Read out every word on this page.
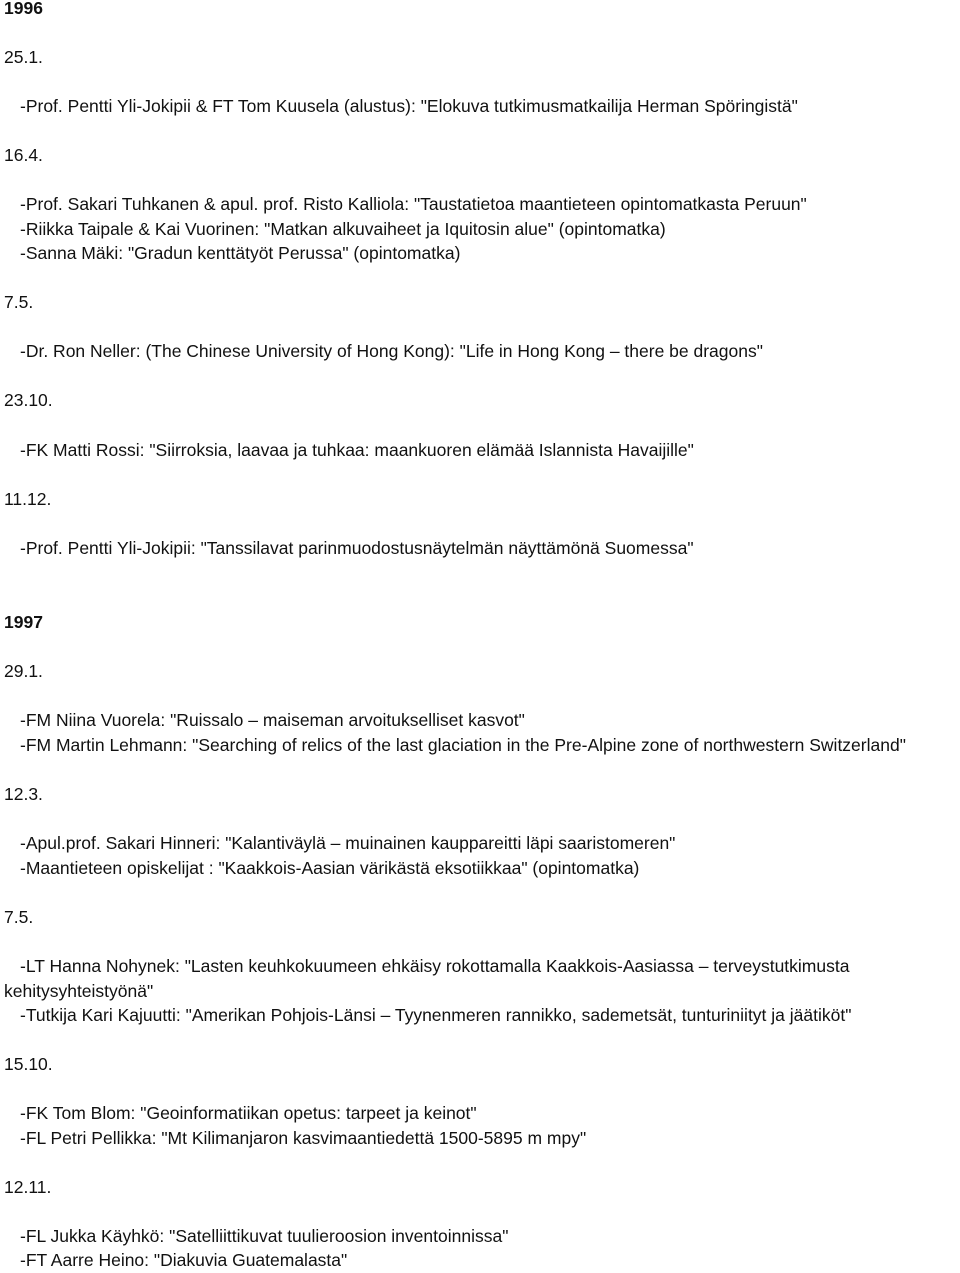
1996
25.1.
-Prof. Pentti Yli-Jokipii & FT Tom Kuusela (alustus): "Elokuva tutkimusmatkailija Herman Spöringistä"
16.4.
-Prof. Sakari Tuhkanen & apul. prof. Risto Kalliola: "Taustatietoa maantieteen opintomatkasta Peruun"
-Riikka Taipale & Kai Vuorinen: "Matkan alkuvaiheet ja Iquitosin alue" (opintomatka)
-Sanna Mäki: "Gradun kenttätyöt Perussa" (opintomatka)
7.5.
-Dr. Ron Neller: (The Chinese University of Hong Kong): "Life in Hong Kong – there be dragons"
23.10.
-FK Matti Rossi: "Siirroksia, laavaa ja tuhkaa: maankuoren elämää Islannista Havaijille"
11.12.
-Prof. Pentti Yli-Jokipii: "Tanssilavat parinmuodostusnäytelmän näyttämönä Suomessa"
1997
29.1.
-FM Niina Vuorela: "Ruissalo – maiseman arvoitukselliset kasvot"
-FM Martin Lehmann: "Searching of relics of the last glaciation in the Pre-Alpine zone of northwestern Switzerland"
12.3.
-Apul.prof. Sakari Hinneri: "Kalantiväylä – muinainen kauppareitti läpi saaristomeren"
-Maantieteen opiskelijat : "Kaakkois-Aasian värikästä eksotiikkaa" (opintomatka)
7.5.
-LT Hanna Nohynek: "Lasten keuhkokuumeen ehkäisy rokottamalla Kaakkois-Aasiassa – terveystutkimusta
kehitysyhteistyönä"
-Tutkija Kari Kajuutti: "Amerikan Pohjois-Länsi – Tyynenmeren rannikko, sademetsät, tunturiniityt ja jäätiköt"
15.10.
-FK Tom Blom: "Geoinformatiikan opetus: tarpeet ja keinot"
-FL Petri Pellikka: "Mt Kilimanjaron kasvimaantiedettä 1500-5895 m mpy"
12.11.
-FL Jukka Käyhkö: "Satelliittikuvat tuulieroosion inventoinnissa"
-FT Aarre Heino: "Diakuvia Guatemalasta"
